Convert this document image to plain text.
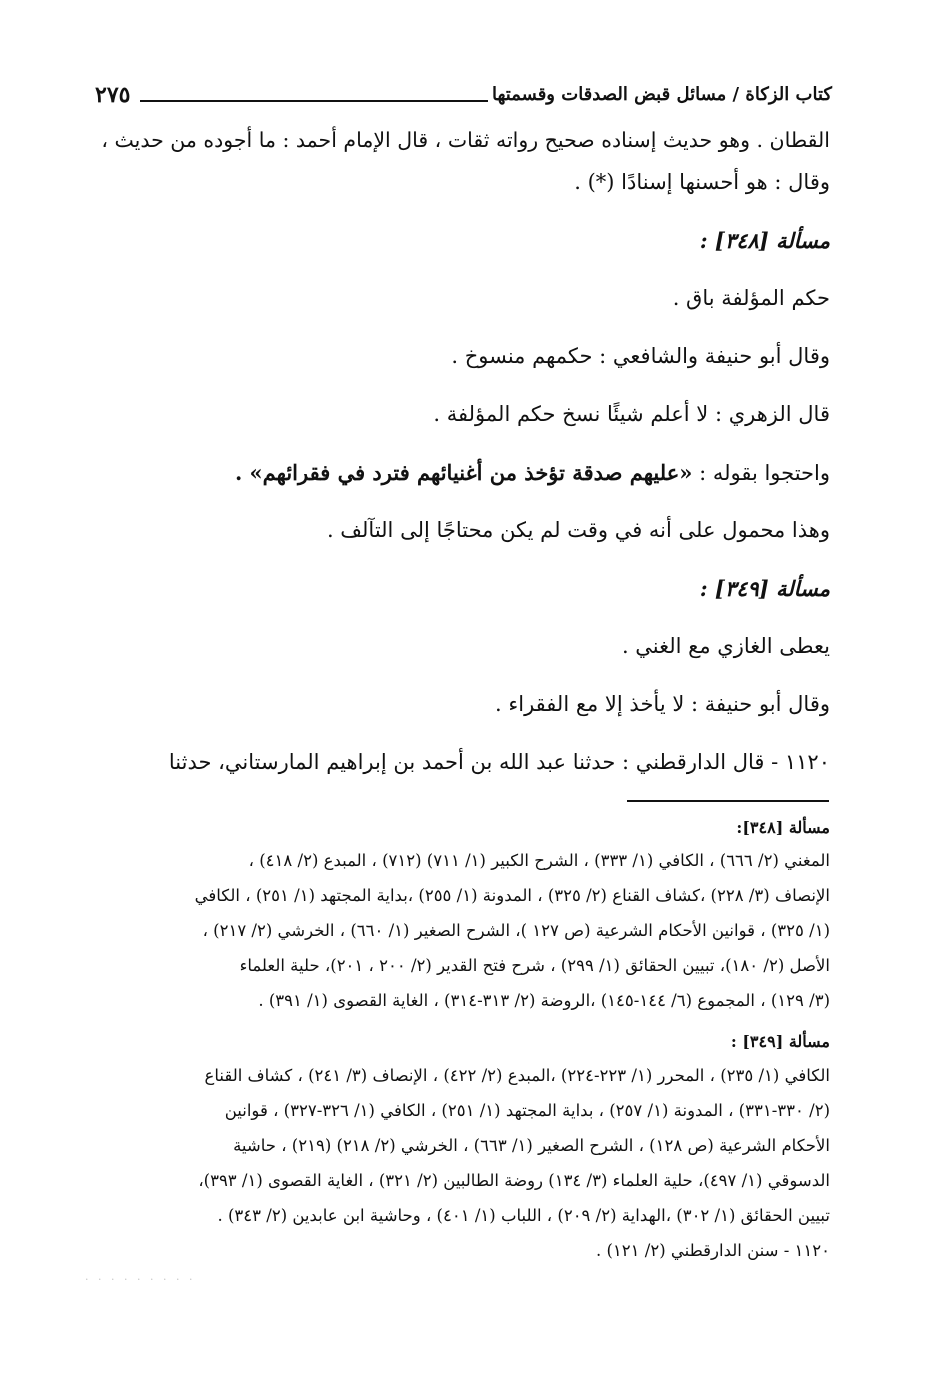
كتاب الزكاة / مسائل قبض الصدقات وقسمتها
٢٧٥
القطان . وهو حديث إسناده صحيح رواته ثقات ، قال الإمام أحمد : ما أجوده من حديث ،
وقال : هو أحسنها إسنادًا (*) .
مسألة [٣٤٨] :
حكم المؤلفة باق .
وقال أبو حنيفة والشافعي : حكمهم منسوخ .
قال الزهري : لا أعلم شيئًا نسخ حكم المؤلفة .
واحتجوا بقوله : «عليهم صدقة تؤخذ من أغنيائهم فترد في فقرائهم» .
وهذا محمول على أنه في وقت لم يكن محتاجًا إلى التآلف .
مسألة [٣٤٩] :
يعطى الغازي مع الغني .
وقال أبو حنيفة : لا يأخذ إلا مع الفقراء .
١١٢٠ - قال الدارقطني : حدثنا عبد الله بن أحمد بن إبراهيم المارستاني، حدثنا
مسألة [٣٤٨]:
المغني (٢/ ٦٦٦) ، الكافي (١/ ٣٣٣) ، الشرح الكبير (١/ ٧١١) (٧١٢) ، المبدع (٢/ ٤١٨) ،
الإنصاف (٣/ ٢٢٨) ،كشاف القناع (٢/ ٣٢٥) ، المدونة (١/ ٢٥٥) ،بداية المجتهد (١/ ٢٥١) ، الكافي
(١/ ٣٢٥) ، قوانين الأحكام الشرعية (ص ١٢٧ )، الشرح الصغير (١/ ٦٦٠) ، الخرشي (٢/ ٢١٧) ،
الأصل (٢/ ١٨٠)، تبيين الحقائق (١/ ٢٩٩) ، شرح فتح القدير (٢/ ٢٠٠ ، ٢٠١)، حلية العلماء
(٣/ ١٢٩) ، المجموع (٦/ ١٤٤-١٤٥) ،الروضة (٢/ ٣١٣-٣١٤) ، الغاية القصوى (١/ ٣٩١) .
مسألة [٣٤٩] :
الكافي (١/ ٢٣٥) ، المحرر (١/ ٢٢٣-٢٢٤) ،المبدع (٢/ ٤٢٢) ، الإنصاف (٣/ ٢٤١) ، كشاف القناع
(٢/ ٣٣٠-٣٣١) ، المدونة (١/ ٢٥٧) ، بداية المجتهد (١/ ٢٥١) ، الكافي (١/ ٣٢٦-٣٢٧) ، قوانين
الأحكام الشرعية (ص ١٢٨) ، الشرح الصغير (١/ ٦٦٣) ، الخرشي (٢/ ٢١٨) (٢١٩) ، حاشية
الدسوقي (١/ ٤٩٧)، حلية العلماء (٣/ ١٣٤) روضة الطالبين (٢/ ٣٢١) ، الغاية القصوى (١/ ٣٩٣)،
تبيين الحقائق (١/ ٣٠٢) ،الهداية (٢/ ٢٠٩) ، اللباب (١/ ٤٠١) ، وحاشية ابن عابدين (٢/ ٣٤٣) .
١١٢٠ - سنن الدارقطني (٢/ ١٢١) .
· · · · · · · · ·
